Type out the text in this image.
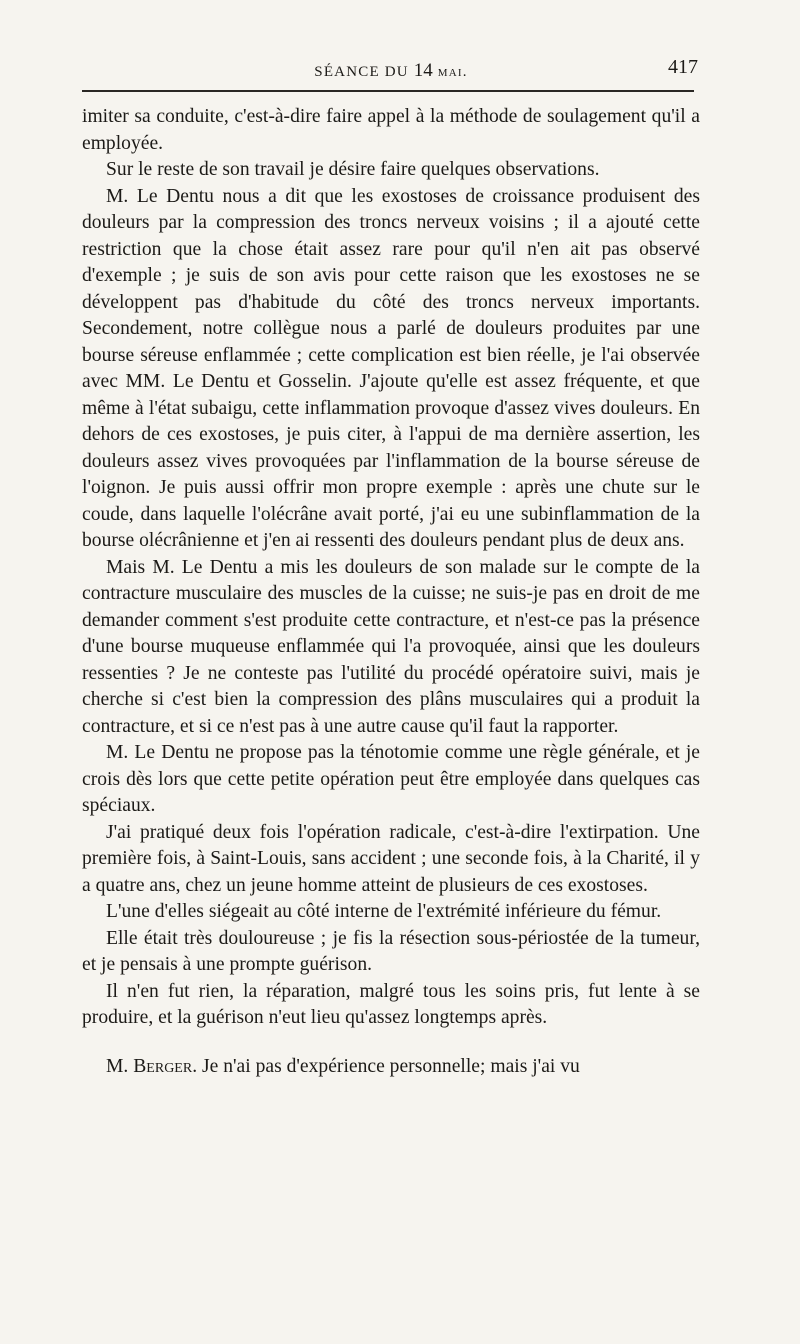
SÉANCE DU 14 mai.	417

imiter sa conduite, c'est-à-dire faire appel à la méthode de soulagement qu'il a employée.

Sur le reste de son travail je désire faire quelques observations.

M. Le Dentu nous a dit que les exostoses de croissance produisent des douleurs par la compression des troncs nerveux voisins ; il a ajouté cette restriction que la chose était assez rare pour qu'il n'en ait pas observé d'exemple ; je suis de son avis pour cette raison que les exostoses ne se développent pas d'habitude du côté des troncs nerveux importants. Secondement, notre collègue nous a parlé de douleurs produites par une bourse séreuse enflammée ; cette complication est bien réelle, je l'ai observée avec MM. Le Dentu et Gosselin. J'ajoute qu'elle est assez fréquente, et que même à l'état subaigu, cette inflammation provoque d'assez vives douleurs. En dehors de ces exostoses, je puis citer, à l'appui de ma dernière assertion, les douleurs assez vives provoquées par l'inflammation de la bourse séreuse de l'oignon. Je puis aussi offrir mon propre exemple : après une chute sur le coude, dans laquelle l'olécrâne avait porté, j'ai eu une subinflammation de la bourse olécrânienne et j'en ai ressenti des douleurs pendant plus de deux ans.

Mais M. Le Dentu a mis les douleurs de son malade sur le compte de la contracture musculaire des muscles de la cuisse; ne suis-je pas en droit de me demander comment s'est produite cette contracture, et n'est-ce pas la présence d'une bourse muqueuse enflammée qui l'a provoquée, ainsi que les douleurs ressenties ? Je ne conteste pas l'utilité du procédé opératoire suivi, mais je cherche si c'est bien la compression des plâns musculaires qui a produit la contracture, et si ce n'est pas à une autre cause qu'il faut la rapporter.

M. Le Dentu ne propose pas la ténotomie comme une règle générale, et je crois dès lors que cette petite opération peut être employée dans quelques cas spéciaux.

J'ai pratiqué deux fois l'opération radicale, c'est-à-dire l'extirpation. Une première fois, à Saint-Louis, sans accident ; une seconde fois, à la Charité, il y a quatre ans, chez un jeune homme atteint de plusieurs de ces exostoses.

L'une d'elles siégeait au côté interne de l'extrémité inférieure du fémur.

Elle était très douloureuse ; je fis la résection sous-périostée de la tumeur, et je pensais à une prompte guérison.

Il n'en fut rien, la réparation, malgré tous les soins pris, fut lente à se produire, et la guérison n'eut lieu qu'assez longtemps après.

M. Berger. Je n'ai pas d'expérience personnelle; mais j'ai vu
